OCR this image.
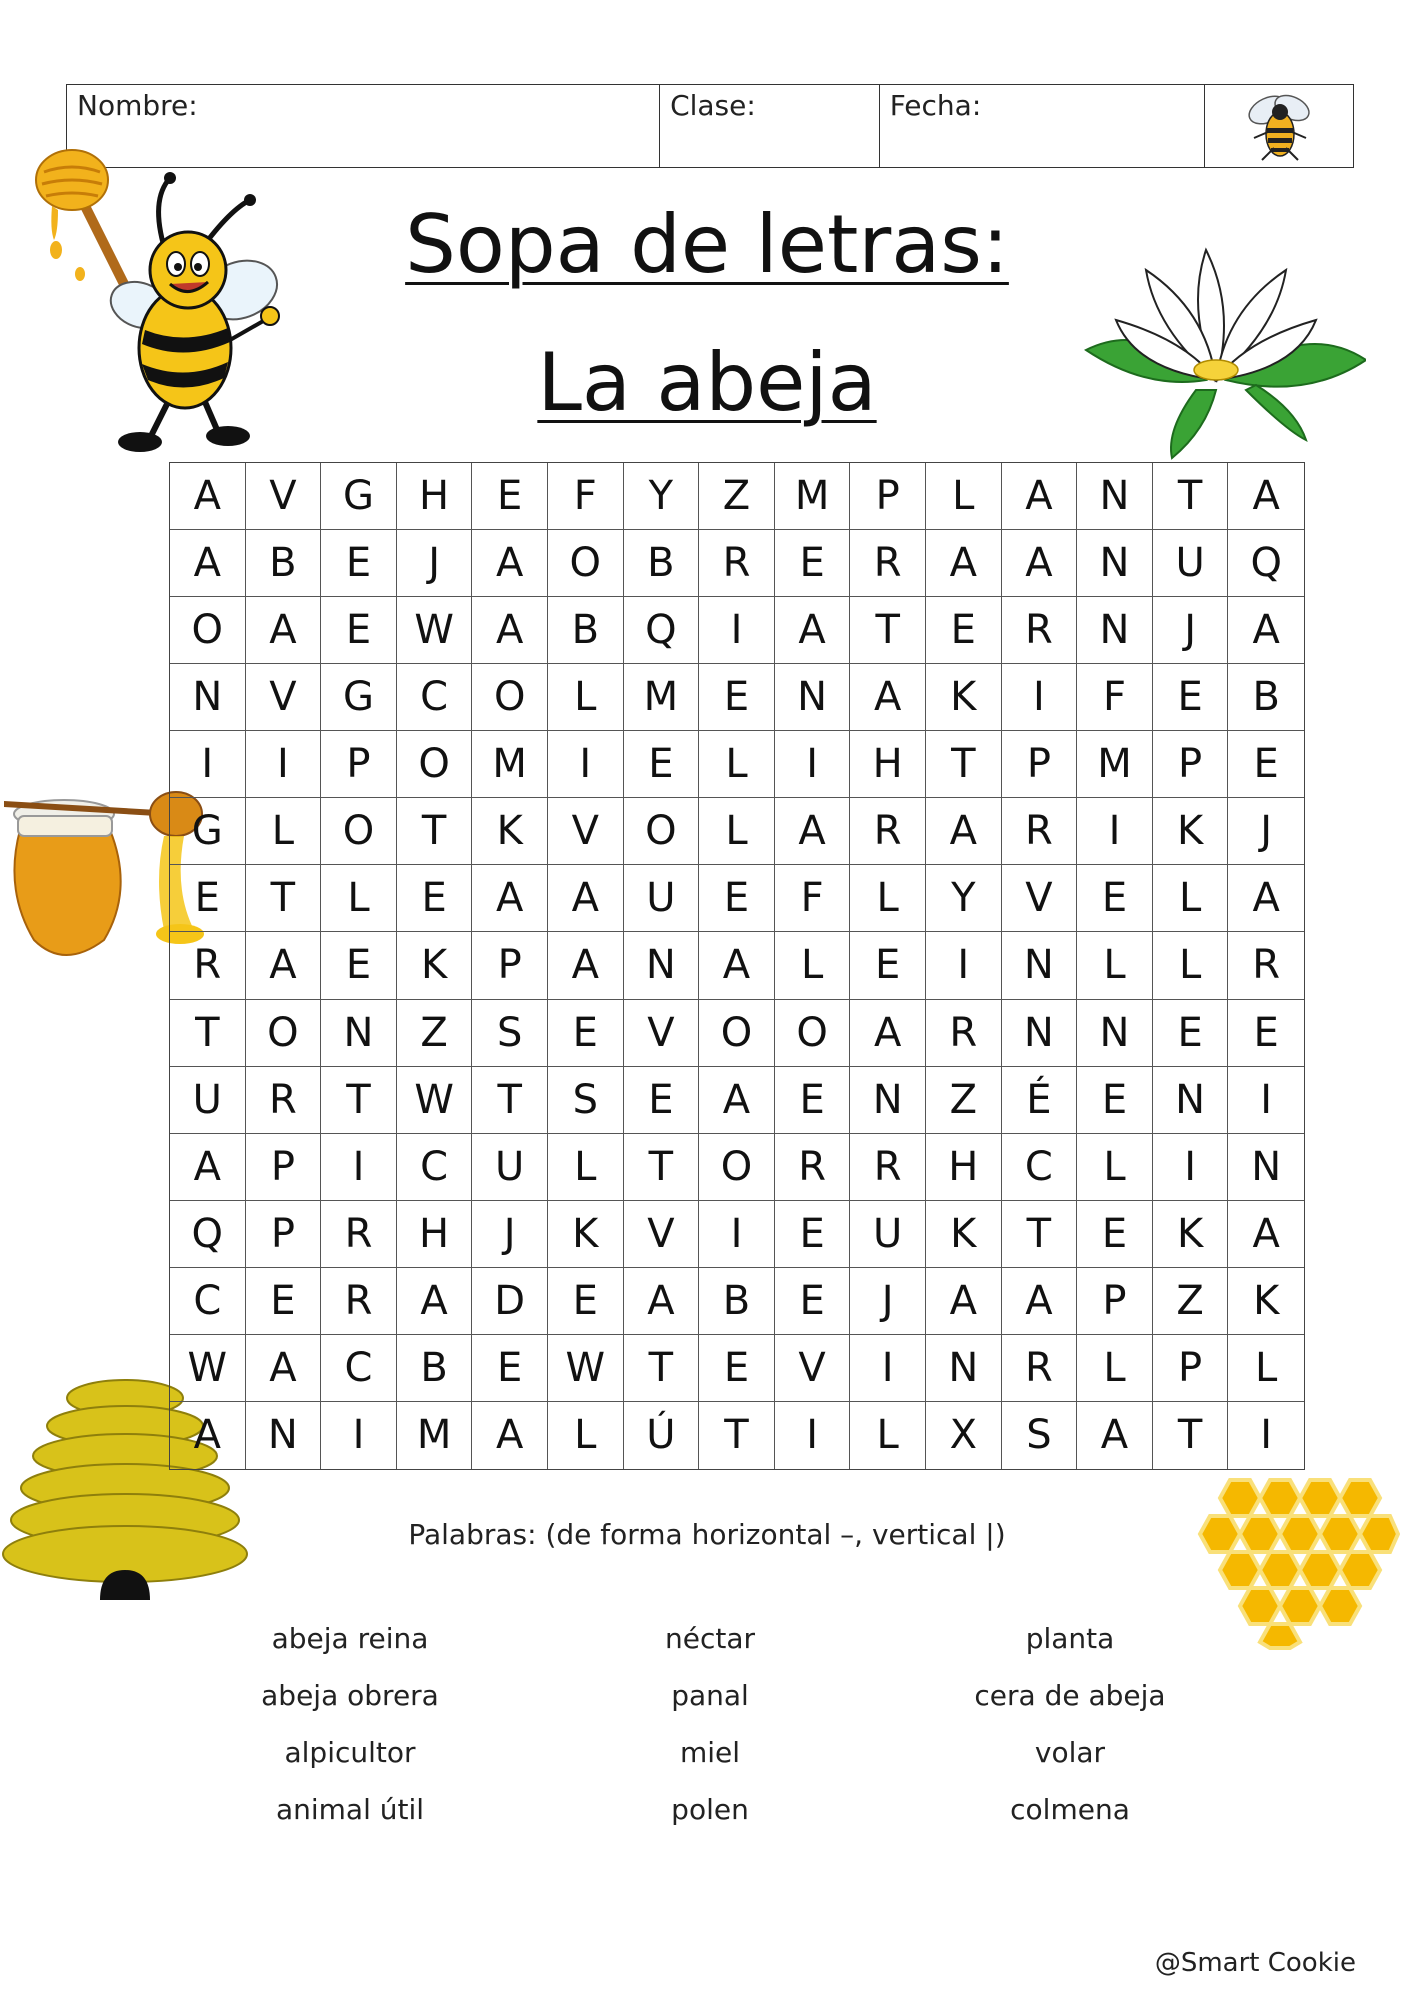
Nombre:	Clase:	Fecha:
Sopa de letras:
La abeja
A	V	G	H	E	F	Y	Z	M	P	L	A	N	T	A
A	B	E	J	A	O	B	R	E	R	A	A	N	U	Q
O	A	E	W	A	B	Q	I	A	T	E	R	N	J	A
N	V	G	C	O	L	M	E	N	A	K	I	F	E	B
I	I	P	O	M	I	E	L	I	H	T	P	M	P	E
G	L	O	T	K	V	O	L	A	R	A	R	I	K	J
E	T	L	E	A	A	U	E	F	L	Y	V	E	L	A
R	A	E	K	P	A	N	A	L	E	I	N	L	L	R
T	O	N	Z	S	E	V	O	O	A	R	N	N	E	E
U	R	T	W	T	S	E	A	E	N	Z	É	E	N	I
A	P	I	C	U	L	T	O	R	R	H	C	L	I	N
Q	P	R	H	J	K	V	I	E	U	K	T	E	K	A
C	E	R	A	D	E	A	B	E	J	A	A	P	Z	K
W	A	C	B	E	W	T	E	V	I	N	R	L	P	L
A	N	I	M	A	L	Ú	T	I	L	X	S	A	T	I
Palabras: (de forma horizontal –, vertical |)
abeja reina	néctar	planta
abeja obrera	panal	cera de abeja
alpicultor	miel	volar
animal útil	polen	colmena
@Smart Cookie
